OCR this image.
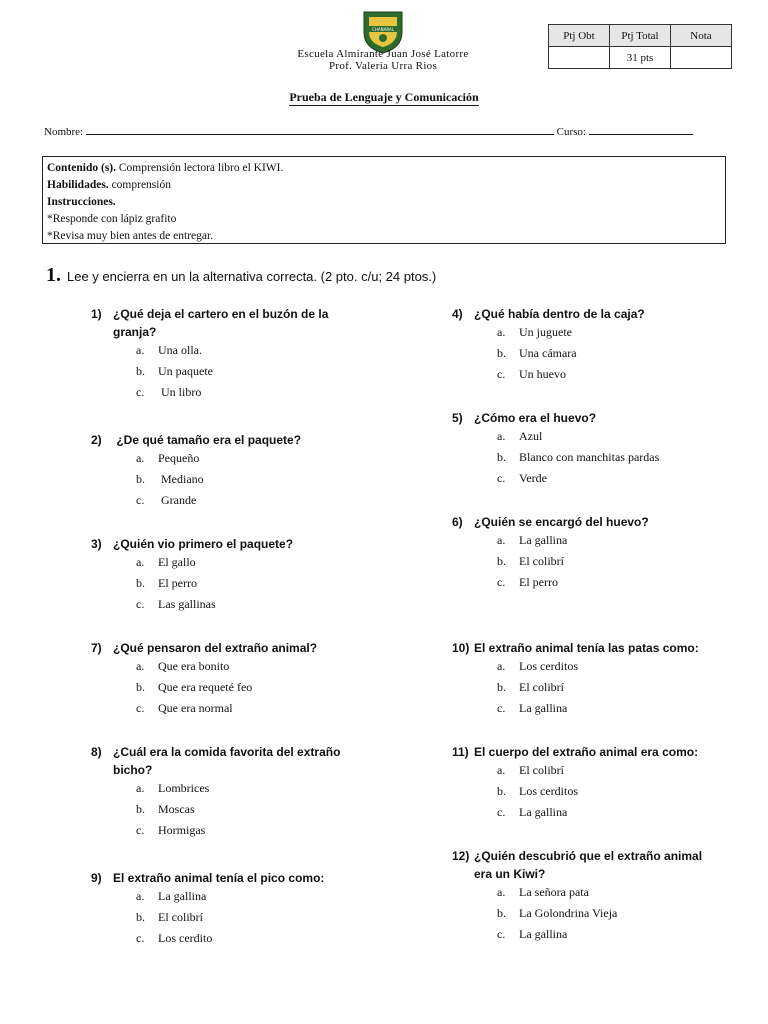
CHAÑARAL
Escuela Almirante Juan José Latorre
Prof. Valeria Urra Rios
Ptj Obt	Ptj Total	Nota
	31 pts	
Prueba de Lenguaje y Comunicación
Nombre:	Curso:
Contenido (s). Comprensión lectora libro el KIWI.
Habilidades. comprensión
Instrucciones.
*Responde con lápiz grafito
*Revisa muy bien antes de entregar.
1. Lee y encierra en un la alternativa correcta. (2 pto. c/u; 24 ptos.)
1) ¿Qué deja el cartero en el buzón de la
granja?
a. Una olla.
b. Un paquete
c. Un libro
2) ¿De qué tamaño era el paquete?
a. Pequeño
b. Mediano
c. Grande
3) ¿Quién vio primero el paquete?
a. El gallo
b. El perro
c. Las gallinas
7) ¿Qué pensaron del extraño animal?
a. Que era bonito
b. Que era requeté feo
c. Que era normal
8) ¿Cuál era la comida favorita del extraño
bicho?
a. Lombrices
b. Moscas
c. Hormigas
9) El extraño animal tenía el pico como:
a. La gallina
b. El colibrí
c. Los cerdito
4) ¿Qué había dentro de la caja?
a. Un juguete
b. Una cámara
c. Un huevo
5) ¿Cómo era el huevo?
a. Azul
b. Blanco con manchitas pardas
c. Verde
6) ¿Quién se encargó del huevo?
a. La gallina
b. El colibrí
c. El perro
10) El extraño animal tenía las patas como:
a. Los cerditos
b. El colibrí
c. La gallina
11) El cuerpo del extraño animal era como:
a. El colibrí
b. Los cerditos
c. La gallina
12) ¿Quién descubrió que el extraño animal
era un Kiwi?
a. La señora pata
b. La Golondrina Vieja
c. La gallina
